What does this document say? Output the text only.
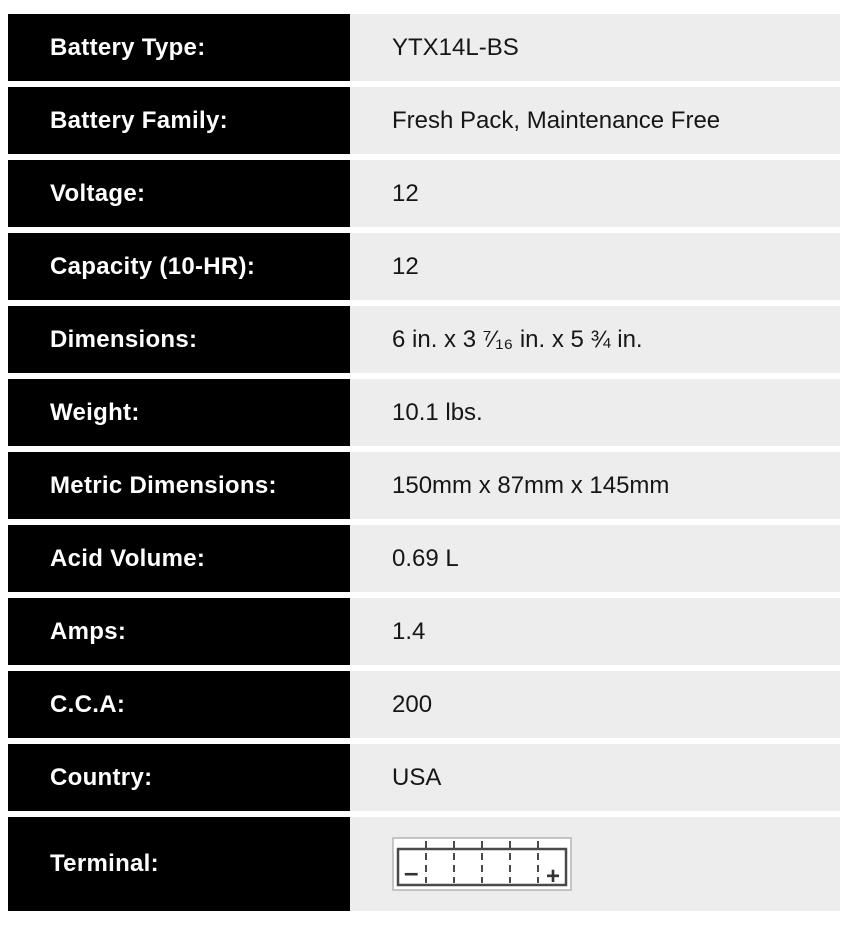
Battery Type:	YTX14L-BS
Battery Family:	Fresh Pack, Maintenance Free
Voltage:	12
Capacity (10-HR):	12
Dimensions:	6 in. x 3 ⁷⁄₁₆ in. x 5 ¾ in.
Weight:	10.1 lbs.
Metric Dimensions:	150mm x 87mm x 145mm
Acid Volume:	0.69 L
Amps:	1.4
C.C.A:	200
Country:	USA
Terminal:	–	+
